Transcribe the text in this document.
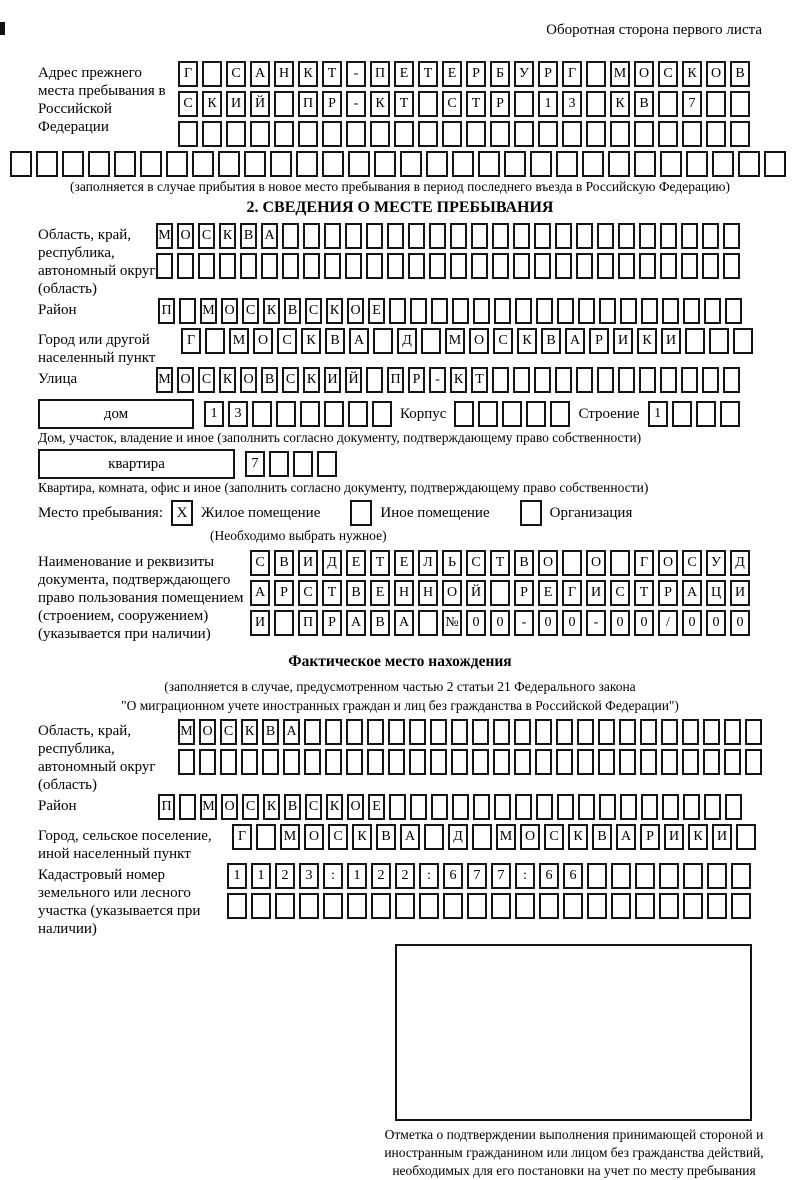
Оборотная сторона первого листа
Адрес прежнего места пребывания в Российской Федерации
Г	С	А Н	К	Т	-	П	Е	Т	Е	Р	Б	У	Р	Г	М О	С	К	О	В
С	К	И Й	П	Р	-	К	Т	С	Т	Р	1	3	К	В	7
(заполняется в случае прибытия в новое место пребывания в период последнего въезда в Российскую Федерацию)
2. СВЕДЕНИЯ О МЕСТЕ ПРЕБЫВАНИЯ
Область, край, республика, автономный округ (область)
М О С К В А
Район	П М О С К В С К О Е
Город или другой населенный пункт
Г	М О	С	К	В	А	Д	М О	С	К	В	А	Р	И	К	И
Улица	М О С К О В С К И Й П Р	-	К Т
дом	1	3	Корпус	Строение	1
Дом, участок, владение и иное (заполнить согласно документу, подтверждающему право собственности)
квартира	7
Квартира, комната, офис и иное (заполнить согласно документу, подтверждающему право собственности)
Место пребывания: X Жилое помещение	Иное помещение	Организация
(Необходимо выбрать нужное)
Наименование и реквизиты документа, подтверждающего право пользования помещением (строением, сооружением) (указывается при наличии)
С	В	И	Д	Е	Т	Е	Л	Ь	С	Т	В	О	О	Г	О	С	У	Д
А	Р	С	Т	В	Е	Н Н О Й	Р	Е	Г	И	С	Т	Р	А Ц И
И	П	Р	А	В	А	№ 0	0	-	0	0	-	0	0	/	0	0	0
Фактическое место нахождения
(заполняется в случае, предусмотренном частью 2 статьи 21 Федерального закона
"О миграционном учете иностранных граждан и лиц без гражданства в Российской Федерации")
Область, край, республика, автономный округ (область)
М О С К В А
Район	П М О С К В С К О Е
Город, сельское поселение, иной населенный пункт
Г	М О	С	К	В	А	Д	М О	С	К	В	А	Р	И	К	И
Кадастровый номер земельного или лесного участка (указывается при наличии)
1	1	2	3	:	1	2	2	:	6	7	7	:	6	6
Отметка о подтверждении выполнения принимающей стороной и иностранным гражданином или лицом без гражданства действий, необходимых для его постановки на учет по месту пребывания
